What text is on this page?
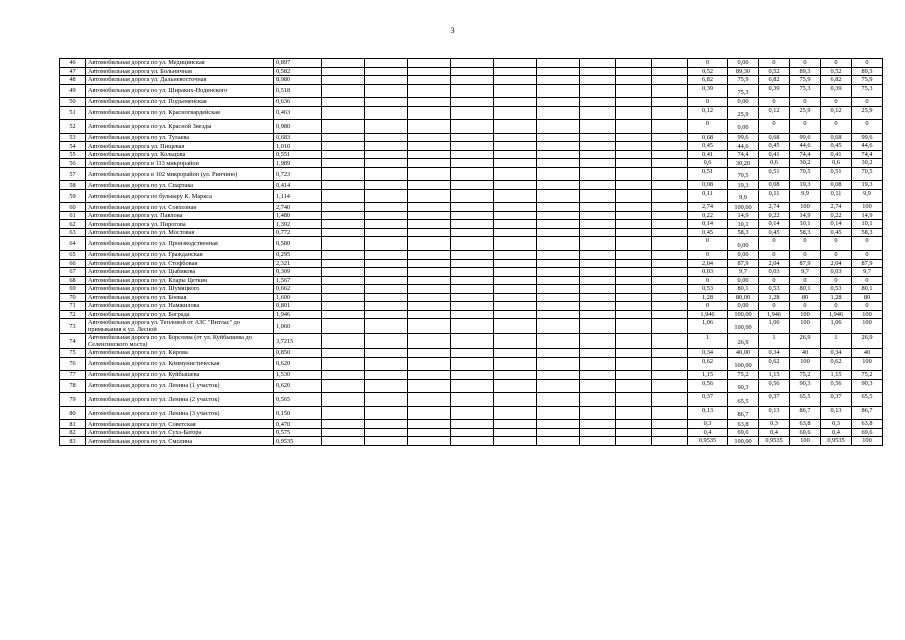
3
46	Автомобильная дорога по ул. Медицинская	0,897										0	0,00	0	0	0	0
47	Автомобильная дорога ул. Больничная	0,582										0,52	89,30	0,52	89,3	0,52	89,3
48	Автомобильная дорога ул. Дальневосточная	8,980										6,82	75,9	6,82	75,9	6,82	75,9
49	Автомобильная дорога по ул. Шираких-Нодинского	0,518										0,39	75,3	0,39	75,3	0,39	75,3
50	Автомобильная дорога по ул. Подъеменская	0,636										0	0,00	0	0	0	0
51	Автомобильная дорога по ул. Красногвардейская	0,463										0,12	25,9	0,12	25,9	0,12	25,9
52	Автомобильная дорога по ул. Красной Звезды	0,980										0	0,00	0	0	0	0
53	Автомобильная дорога по ул. Тулаева	0,683										0,68	99,6	0,68	99,6	0,68	99,6
54	Автомобильная дорога ул. Пищевая	1,010										0,45	44,6	0,45	44,6	0,45	44,6
55	Автомобильная дорога ул. Кольцова	0,551										0,41	74,4	0,41	74,4	0,41	74,4
56	Автомобильная дорога в 113 микрорайон	1,989										0,6	30,20	0,6	30,2	0,6	30,2
57	Автомобильная дорога в 102 микрорайон (ул. Ринчино)	0,723										0,51	70,5	0,51	70,5	0,51	70,5
58	Автомобильная дорога по ул. Спартака	0,414										0,08	19,3	0,08	19,3	0,08	19,3
59	Автомобильная дорога по бульвару К. Маркса	1,114										0,11	9,9	0,11	9,9	0,11	9,9
60	Автомобильная дорога по ул. Совхозная	2,740										2,74	100,00	2,74	100	2,74	100
61	Автомобильная дорога ул. Павлова	1,480										0,22	14,9	0,22	14,9	0,22	14,9
62	Автомобильная дорога ул. Пирогова	1,392										0,14	10,1	0,14	10,1	0,14	10,1
63	Автомобильная дорога по ул. Мостовая	0,772										0,45	58,3	0,45	58,3	0,45	58,3
64	Автомобильная дорога по ул. Производственная	0,580										0	0,00	0	0	0	0
65	Автомобильная дорога по ул. Гражданская	0,295										0	0,00	0	0	0	0
66	Автомобильная дорога по ул. Стофбовая	2,321										2,04	87,9	2,04	87,9	2,04	87,9
67	Автомобильная дорога по ул. Цыбикова	0,309										0,03	9,7	0,03	9,7	0,03	9,7
68	Автомобильная дорога по ул. Клары Цеткин	1,567										0	0,00	0	0	0	0
69	Автомобильная дорога по ул. Шумяцкого	0,662										0,53	80,1	0,53	80,1	0,53	80,1
70	Автомобильная дорога по ул. Боевая	1,600										1,28	80,00	1,28	80	1,28	80
71	Автомобильная дорога по ул. Намжилова	0,801										0	0,00	0	0	0	0
72	Автомобильная дорога по ул. Бограда	1,946										1,946	100,00	1,946	100	1,946	100
73	Автомобильная дорога ул. Тепловой от АЗС "Витлас" до примыкания к ул. Лесной	1,060										1,06	100,00	1,06	100	1,06	100
74	Автомобильная дорога по ул. Борсоева (от ул. Куйбышева до Селенгинского моста)	3,7215										1	26,9	1	26,9	1	26,9
75	Автомобильная дорога по ул. Кирова	0,850										0,34	40,00	0,34	40	0,34	40
76	Автомобильная дорога по ул. Коммунистическая	0,620										0,62	100,00	0,62	100	0,62	100
77	Автомобильная дорога по ул. Куйбышева	1,530										1,15	75,2	1,15	75,2	1,15	75,2
78	Автомобильная дорога по ул. Ленина (1 участок)	0,620										0,56	90,3	0,56	90,3	0,56	90,3
79	Автомобильная дорога по ул. Ленина (2 участок)	0,565										0,37	65,5	0,37	65,5	0,37	65,5
80	Автомобильная дорога по ул. Ленина (3 участок)	0,150										0,13	86,7	0,13	86,7	0,13	86,7
81	Автомобильная дорога по ул. Советская	0,470										0,3	63,8	0,3	63,8	0,3	63,8
82	Автомобильная дорога по ул. Сухэ-Батора	0,575										0,4	69,6	0,4	69,6	0,4	69,6
83	Автомобильная дорога по ул. Смолина	0,9535										0,9535	100,00	0,9535	100	0,9535	100
